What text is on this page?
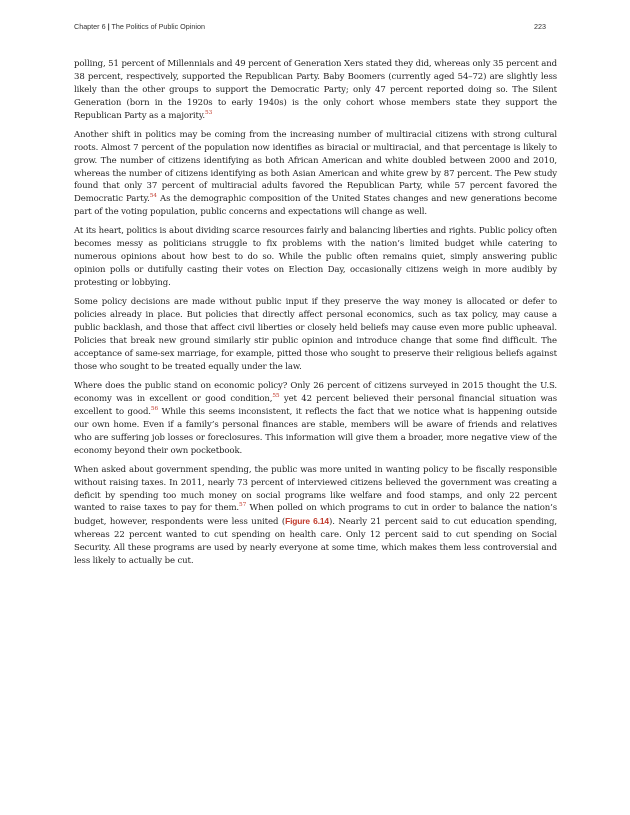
Chapter 6 | The Politics of Public Opinion	223

polling, 51 percent of Millennials and 49 percent of Generation Xers stated they did, whereas only 35 percent and 38 percent, respectively, supported the Republican Party. Baby Boomers (currently aged 54–72) are slightly less likely than the other groups to support the Democratic Party; only 47 percent reported doing so. The Silent Generation (born in the 1920s to early 1940s) is the only cohort whose members state they support the Republican Party as a majority.$^{53}$

Another shift in politics may be coming from the increasing number of multiracial citizens with strong cultural roots. Almost 7 percent of the population now identifies as biracial or multiracial, and that percentage is likely to grow. The number of citizens identifying as both African American and white doubled between 2000 and 2010, whereas the number of citizens identifying as both Asian American and white grew by 87 percent. The Pew study found that only 37 percent of multiracial adults favored the Republican Party, while 57 percent favored the Democratic Party.$^{54}$ As the demographic composition of the United States changes and new generations become part of the voting population, public concerns and expectations will change as well.

At its heart, politics is about dividing scarce resources fairly and balancing liberties and rights. Public policy often becomes messy as politicians struggle to fix problems with the nation’s limited budget while catering to numerous opinions about how best to do so. While the public often remains quiet, simply answering public opinion polls or dutifully casting their votes on Election Day, occasionally citizens weigh in more audibly by protesting or lobbying.

Some policy decisions are made without public input if they preserve the way money is allocated or defer to policies already in place. But policies that directly affect personal economics, such as tax policy, may cause a public backlash, and those that affect civil liberties or closely held beliefs may cause even more public upheaval. Policies that break new ground similarly stir public opinion and introduce change that some find difficult. The acceptance of same-sex marriage, for example, pitted those who sought to preserve their religious beliefs against those who sought to be treated equally under the law.

Where does the public stand on economic policy? Only 26 percent of citizens surveyed in 2015 thought the U.S. economy was in excellent or good condition,$^{55}$ yet 42 percent believed their personal financial situation was excellent to good.$^{56}$ While this seems inconsistent, it reflects the fact that we notice what is happening outside our own home. Even if a family’s personal finances are stable, members will be aware of friends and relatives who are suffering job losses or foreclosures. This information will give them a broader, more negative view of the economy beyond their own pocketbook.

When asked about government spending, the public was more united in wanting policy to be fiscally responsible without raising taxes. In 2011, nearly 73 percent of interviewed citizens believed the government was creating a deficit by spending too much money on social programs like welfare and food stamps, and only 22 percent wanted to raise taxes to pay for them.$^{57}$ When polled on which programs to cut in order to balance the nation’s budget, however, respondents were less united (Figure 6.14). Nearly 21 percent said to cut education spending, whereas 22 percent wanted to cut spending on health care. Only 12 percent said to cut spending on Social Security. All these programs are used by nearly everyone at some time, which makes them less controversial and less likely to actually be cut.
